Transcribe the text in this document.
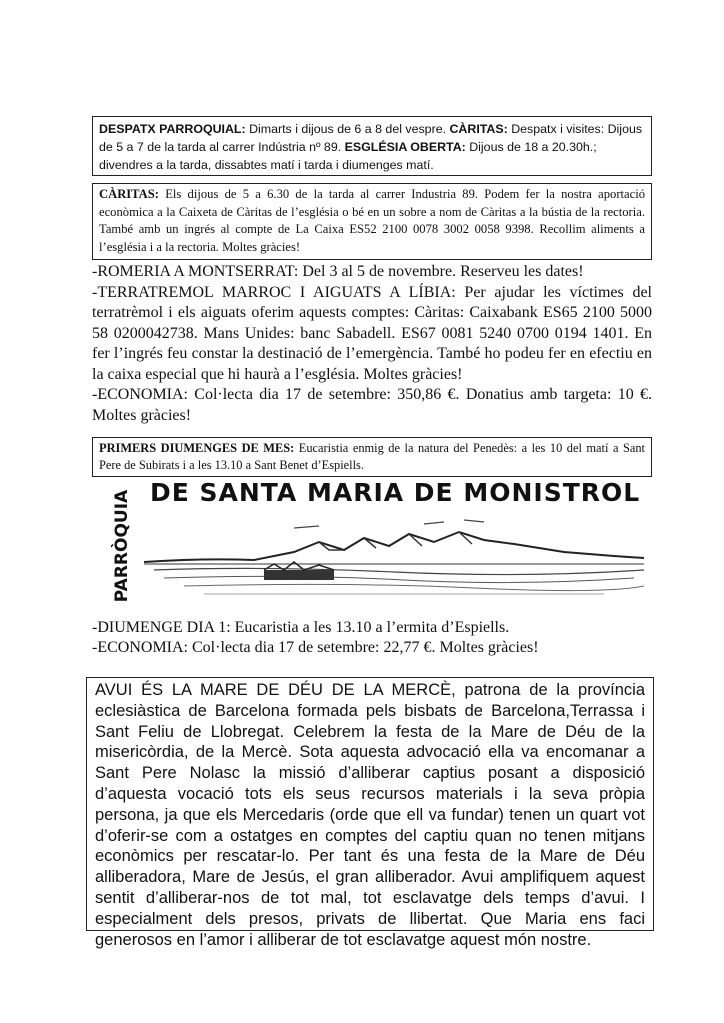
DESPATX PARROQUIAL: Dimarts i dijous de 6 a 8 del vespre. CÀRITAS: Despatx i visites: Dijous de 5 a 7 de la tarda al carrer Indústria nº 89. ESGLÉSIA OBERTA: Dijous de 18 a 20.30h.; divendres a la tarda, dissabtes matí i tarda i diumenges matí.

CÀRITAS: Els dijous de 5 a 6.30 de la tarda al carrer Industria 89. Podem fer la nostra aportació econòmica a la Caixeta de Càritas de l’església o bé en un sobre a nom de Càritas a la bústia de la rectoria. També amb un ingrés al compte de La Caixa ES52 2100 0078 3002 0058 9398. Recollim aliments a l’església i a la rectoria. Moltes gràcies!

-ROMERIA A MONTSERRAT: Del 3 al 5 de novembre. Reserveu les dates!

-TERRATREMOL MARROC I AIGUATS A LÍBIA: Per ajudar les víctimes del terratrèmol i els aiguats oferim aquests comptes: Càritas: Caixabank ES65 2100 5000 58 0200042738. Mans Unides: banc Sabadell. ES67 0081 5240 0700 0194 1401. En fer l’ingrés feu constar la destinació de l’emergència. També ho podeu fer en efectiu en la caixa especial que hi haurà a l’església. Moltes gràcies!

-ECONOMIA: Col·lecta dia 17 de setembre: 350,86 €. Donatius amb targeta: 10 €. Moltes gràcies!

PRIMERS DIUMENGES DE MES: Eucaristia enmig de la natura del Penedès: a les 10 del matí a Sant Pere de Subirats i a les 13.10 a Sant Benet d’Espiells.

PARRÒQUIA DE SANTA MARIA DE MONISTROL

-DIUMENGE DIA 1: Eucaristia a les 13.10 a l’ermita d’Espiells.

-ECONOMIA: Col·lecta dia 17 de setembre: 22,77 €. Moltes gràcies!

AVUI ÉS LA MARE DE DÉU DE LA MERCÈ, patrona de la província eclesiàstica de Barcelona formada pels bisbats de Barcelona,Terrassa i Sant Feliu de Llobregat. Celebrem la festa de la Mare de Déu de la misericòrdia, de la Mercè. Sota aquesta advocació ella va encomanar a Sant Pere Nolasc la missió d’alliberar captius posant a disposició d’aquesta vocació tots els seus recursos materials i la seva pròpia persona, ja que els Mercedaris (orde que ell va fundar) tenen un quart vot d’oferir-se com a ostatges en comptes del captiu quan no tenen mitjans econòmics per rescatar-lo. Per tant és una festa de la Mare de Déu alliberadora, Mare de Jesús, el gran alliberador. Avui amplifiquem aquest sentit d’alliberar-nos de tot mal, tot esclavatge dels temps d’avui. I especialment dels presos, privats de llibertat. Que Maria ens faci generosos en l’amor i alliberar de tot esclavatge aquest món nostre.
